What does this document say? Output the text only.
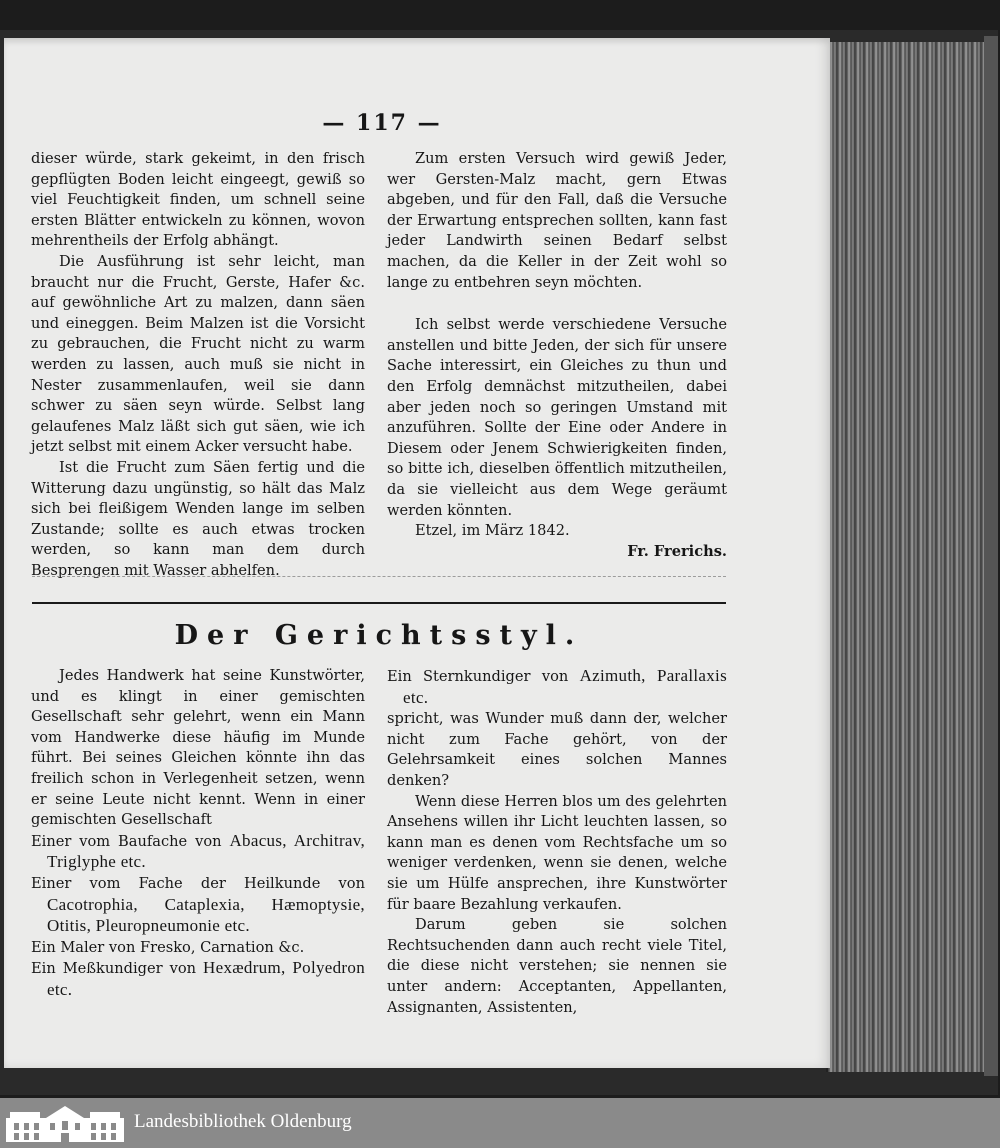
— 117 —

dieser würde, stark gekeimt, in den frisch gepflügten Boden leicht eingeegt, gewiß so viel Feuchtigkeit finden, um schnell seine ersten Blätter entwickeln zu können, wovon mehrentheils der Erfolg abhängt.

Die Ausführung ist sehr leicht, man braucht nur die Frucht, Gerste, Hafer &c. auf gewöhnliche Art zu malzen, dann säen und eineggen. Beim Malzen ist die Vorsicht zu gebrauchen, die Frucht nicht zu warm werden zu lassen, auch muß sie nicht in Nester zusammenlaufen, weil sie dann schwer zu säen seyn würde. Selbst lang gelaufenes Malz läßt sich gut säen, wie ich jetzt selbst mit einem Acker versucht habe.

Ist die Frucht zum Säen fertig und die Witterung dazu ungünstig, so hält das Malz sich bei fleißigem Wenden lange im selben Zustande; sollte es auch etwas trocken werden, so kann man dem durch Besprengen mit Wasser abhelfen.

Zum ersten Versuch wird gewiß Jeder, wer Gersten-Malz macht, gern Etwas abgeben, und für den Fall, daß die Versuche der Erwartung entsprechen sollten, kann fast jeder Landwirth seinen Bedarf selbst machen, da die Keller in der Zeit wohl so lange zu entbehren seyn möchten.

Ich selbst werde verschiedene Versuche anstellen und bitte Jeden, der sich für unsere Sache interessirt, ein Gleiches zu thun und den Erfolg demnächst mitzutheilen, dabei aber jeden noch so geringen Umstand mit anzuführen. Sollte der Eine oder Andere in Diesem oder Jenem Schwierigkeiten finden, so bitte ich, dieselben öffentlich mitzutheilen, da sie vielleicht aus dem Wege geräumt werden könnten.

Etzel, im März 1842.

Fr. Frerichs.

Der Gerichtsstyl.

Jedes Handwerk hat seine Kunstwörter, und es klingt in einer gemischten Gesellschaft sehr gelehrt, wenn ein Mann vom Handwerke diese häufig im Munde führt. Bei seines Gleichen könnte ihn das freilich schon in Verlegenheit setzen, wenn er seine Leute nicht kennt. Wenn in einer gemischten Gesellschaft

Einer vom Baufache von Abacus, Architrav, Triglyphe etc.

Einer vom Fache der Heilkunde von Cacotrophia, Cataplexia, Hæmoptysie, Otitis, Pleuropneumonie etc.

Ein Maler von Fresko, Carnation &c.

Ein Meßkundiger von Hexædrum, Polyedron etc.

Ein Sternkundiger von Azimuth, Parallaxis etc.

spricht, was Wunder muß dann der, welcher nicht zum Fache gehört, von der Gelehrsamkeit eines solchen Mannes denken?

Wenn diese Herren blos um des gelehrten Ansehens willen ihr Licht leuchten lassen, so kann man es denen vom Rechtsfache um so weniger verdenken, wenn sie denen, welche sie um Hülfe ansprechen, ihre Kunstwörter für baare Bezahlung verkaufen.

Darum geben sie solchen Rechtsuchenden dann auch recht viele Titel, die diese nicht verstehen; sie nennen sie unter andern: Acceptanten, Appellanten, Assignanten, Assistenten,

Landesbibliothek Oldenburg
